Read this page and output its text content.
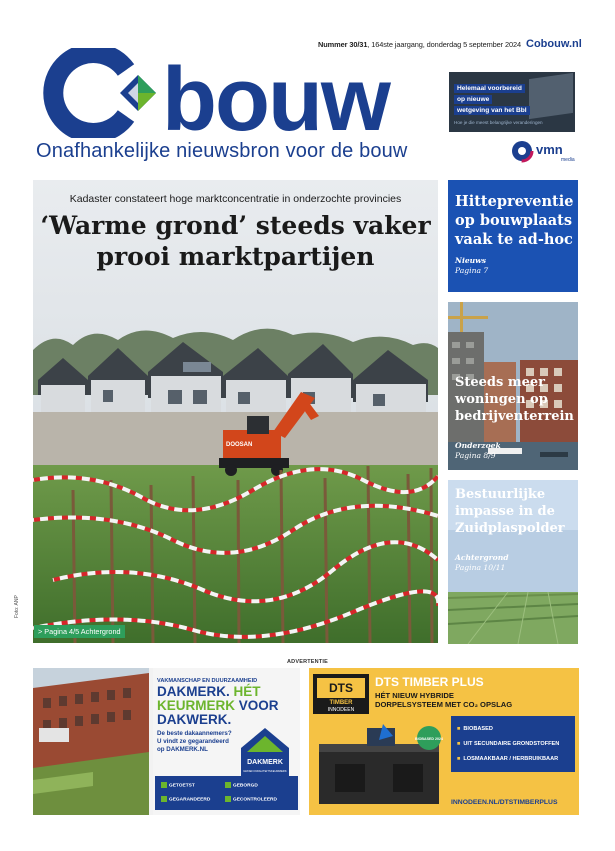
Nummer 30/31, 164ste jaargang, donderdag 5 september 2024 Cobouw.nl
bouw
Onafhankelijke nieuwsbron voor de bouw
Helemaal voorbereid
op nieuwe
wetgeving van het Bbl
Hoe je die meest belangrijke veranderingen
vmn
media
DOOSAN
Kadaster constateert hoge marktconcentratie in onderzochte provincies
‘Warme grond’ steeds vaker
prooi marktpartijen
> Pagina 4/5 Achtergrond
Foto: ANP
Hittepreventie
op bouwplaats
vaak te ad-hoc
Nieuws
Pagina 7
Steeds meer
woningen op
bedrijventerrein
Onderzoek
Pagina 8/9
Bestuurlijke
impasse in de
Zuidplaspolder
Achtergrond
Pagina 10/11
ADVERTENTIE
VAKMANSCHAP EN DUURZAAMHEID
DAKMERK. HÉT
KEURMERK VOOR
DAKWERK.
De beste dakaannemers? U vindt ze gegarandeerd op DAKMERK.NL
DAKMERK
GROEN KWALITEITSKEURMERK
GETOETST	GEBORGD
GEGARANDEERD	GECONTROLEERD
DTS
TIMBER
INNODEEN
DTS TIMBER PLUS
HÉT NIEUW HYBRIDE
DORPELSYSTEEM MET CO₂ OPSLAG
BIOBASED 2024
■ BIOBASED
■ UIT SECUNDAIRE GRONDSTOFFEN
■ LOSMAAKBAAR / HERBRUIKBAAR
INNODEEN.NL/DTSTIMBERPLUS
